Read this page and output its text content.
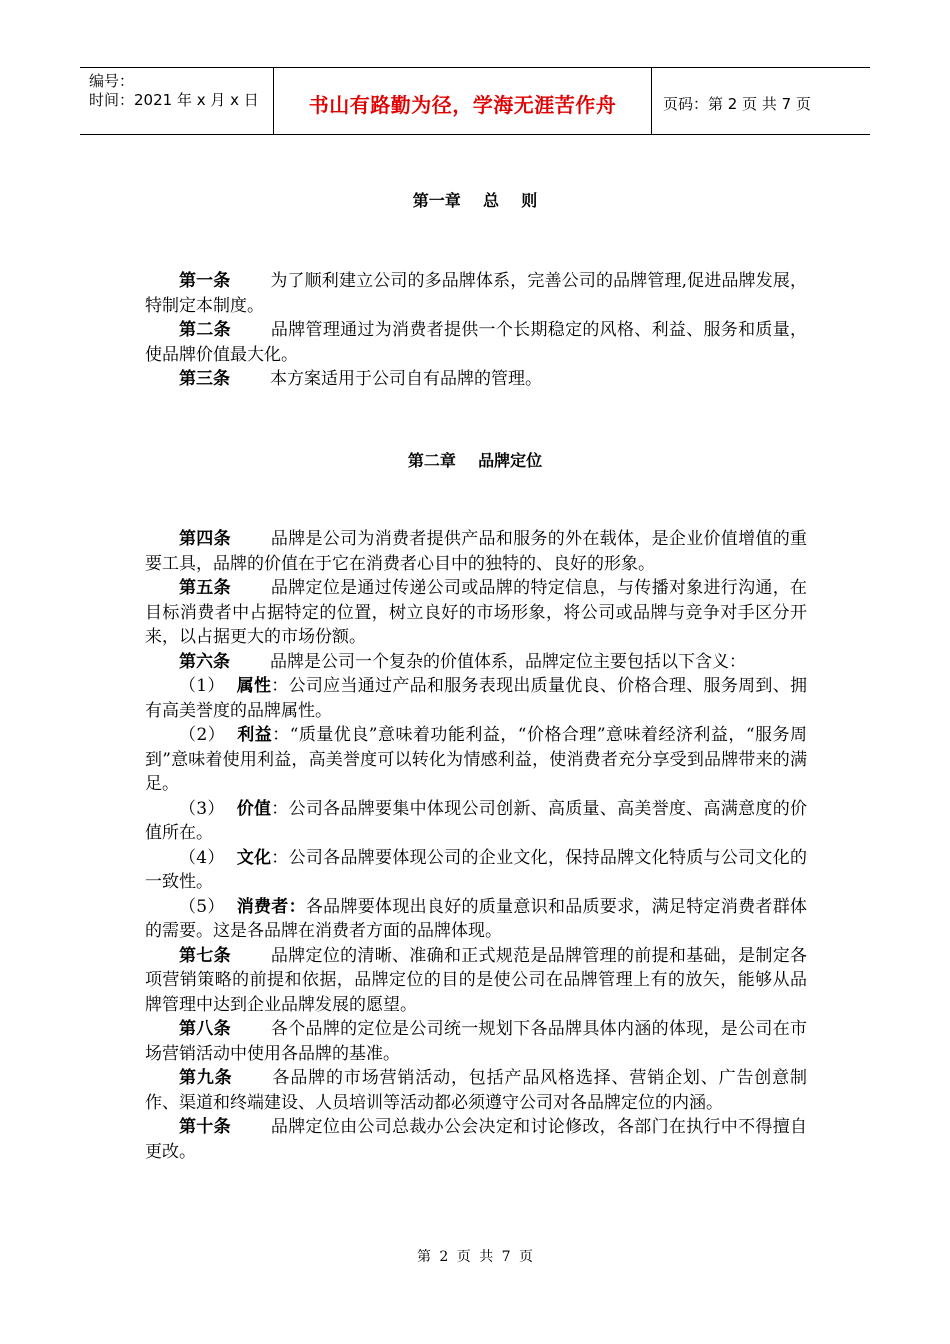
编号：
时间：2021 年 x 月 x 日	书山有路勤为径，学海无涯苦作舟	页码：第 2 页 共 7 页
第一章    总    则

第一条 为了顺利建立公司的多品牌体系，完善公司的品牌管理,促进品牌发展，特制定本制度。

第二条 品牌管理通过为消费者提供一个长期稳定的风格、利益、服务和质量，使品牌价值最大化。

第三条 本方案适用于公司自有品牌的管理。

第二章    品牌定位

第四条 品牌是公司为消费者提供产品和服务的外在载体，是企业价值增值的重要工具，品牌的价值在于它在消费者心目中的独特的、良好的形象。

第五条 品牌定位是通过传递公司或品牌的特定信息，与传播对象进行沟通，在目标消费者中占据特定的位置，树立良好的市场形象，将公司或品牌与竞争对手区分开来，以占据更大的市场份额。

第六条 品牌是公司一个复杂的价值体系，品牌定位主要包括以下含义：

（1） 属性：公司应当通过产品和服务表现出质量优良、价格合理、服务周到、拥有高美誉度的品牌属性。

（2） 利益：“质量优良”意味着功能利益，“价格合理”意味着经济利益，“服务周到”意味着使用利益，高美誉度可以转化为情感利益，使消费者充分享受到品牌带来的满足。

（3） 价值：公司各品牌要集中体现公司创新、高质量、高美誉度、高满意度的价值所在。

（4） 文化：公司各品牌要体现公司的企业文化，保持品牌文化特质与公司文化的一致性。

（5） 消费者：各品牌要体现出良好的质量意识和品质要求，满足特定消费者群体的需要。这是各品牌在消费者方面的品牌体现。

第七条 品牌定位的清晰、准确和正式规范是品牌管理的前提和基础，是制定各项营销策略的前提和依据，品牌定位的目的是使公司在品牌管理上有的放矢，能够从品牌管理中达到企业品牌发展的愿望。

第八条 各个品牌的定位是公司统一规划下各品牌具体内涵的体现，是公司在市场营销活动中使用各品牌的基准。

第九条 各品牌的市场营销活动，包括产品风格选择、营销企划、广告创意制作、渠道和终端建设、人员培训等活动都必须遵守公司对各品牌定位的内涵。

第十条 品牌定位由公司总裁办公会决定和讨论修改，各部门在执行中不得擅自更改。

第 2 页 共 7 页
